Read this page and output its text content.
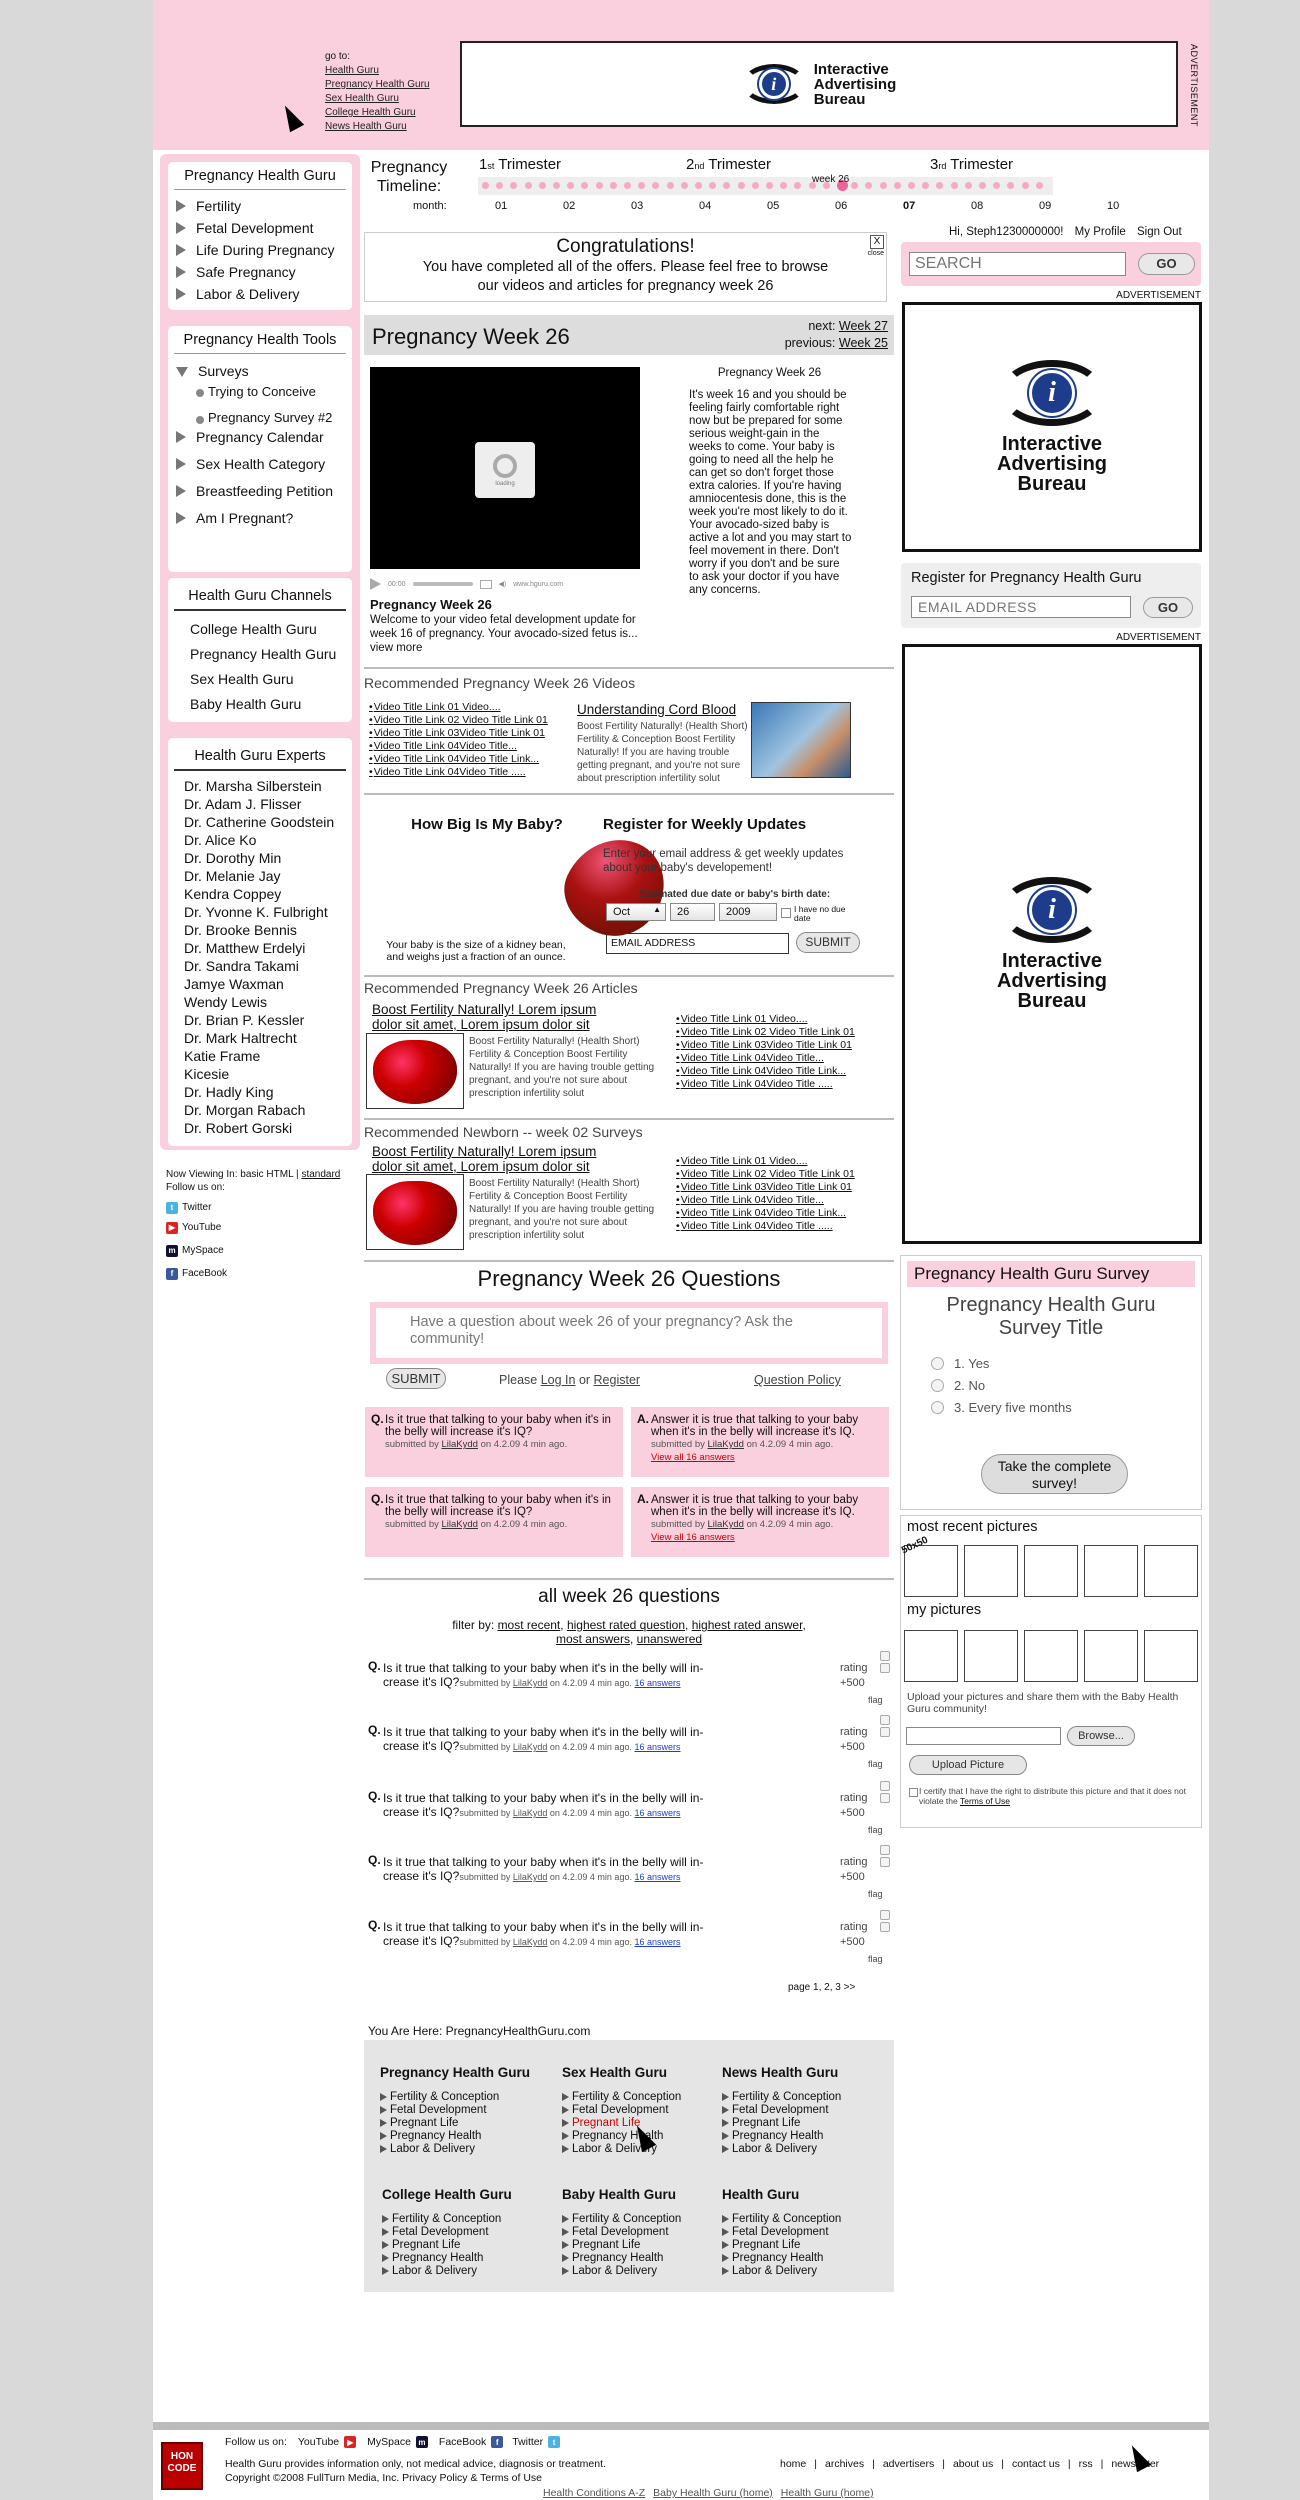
go to:
Health Guru
Pregnancy Health Guru
Sex Health Guru
College Health Guru
News Health Guru
i
Interactive
Advertising
Bureau	ADVERTISEMENT
Pregnancy Health Guru
Fertility
Fetal Development
Life During Pregnancy
Safe Pregnancy
Labor & Delivery
Pregnancy Health Tools
Surveys
Trying to Conceive
Pregnancy Survey #2
Pregnancy Calendar
Sex Health Category
Breastfeeding Petition
Am I Pregnant?
Health Guru Channels
College Health Guru
Pregnancy Health Guru
Sex Health Guru
Baby Health Guru
Health Guru Experts
Dr. Marsha Silberstein
Dr. Adam J. Flisser
Dr. Catherine Goodstein
Dr. Alice Ko
Dr. Dorothy Min
Dr. Melanie Jay
Kendra Coppey
Dr. Yvonne K. Fulbright
Dr. Brooke Bennis
Dr. Matthew Erdelyi
Dr. Sandra Takami
Jamye Waxman
Wendy Lewis
Dr. Brian P. Kessler
Dr. Mark Haltrecht
Katie Frame
Kicesie
Dr. Hadly King
Dr. Morgan Rabach
Dr. Robert Gorski
Now Viewing In: basic HTML | standard
Follow us on:
t Twitter
▶ YouTube
m MySpace
f FaceBook
Pregnancy Timeline:
1st Trimester	2nd Trimester	3rd Trimester
week 26
month:	01	02	03	04	05	06	07	08	09	10
Hi, Steph1230000000! My Profile Sign Out
Congratulations!

You have completed all of the offers. Please feel free to browse our videos and articles for pregnancy week 26

X
close
SEARCH
GO
ADVERTISEMENT
i
Interactive
Advertising
Bureau
Register for Pregnancy Health Guru
EMAIL ADDRESS
GO
ADVERTISEMENT
i
Interactive
Advertising
Bureau
Pregnancy Health Guru Survey
Pregnancy Health Guru Survey Title
1. Yes
2. No
3. Every five months
Take the complete survey!
most recent pictures
50x50
my pictures
Upload your pictures and share them with the Baby Health Guru community!
Browse...
Upload Picture
I certify that I have the right to distribute this picture and that it does not violate the Terms of Use
Pregnancy Week 26	next: Week 27
previous: Week 25
loading
00:00	◀) www.hguru.com
Pregnancy Week 26
Welcome to your video fetal development update for week 16 of pregnancy. Your avocado-sized fetus is... view more
Pregnancy Week 26
It's week 16 and you should be feeling fairly comfortable right now but be prepared for some serious weight-gain in the weeks to come. Your baby is going to need all the help he can get so don't forget those extra calories. If you're having amniocentesis done, this is the week you're most likely to do it. Your avocado-sized baby is active a lot and you may start to feel movement in there. Don't worry if you don't and be sure to ask your doctor if you have any concerns.
Recommended Pregnancy Week 26 Videos
• Video Title Link 01 Video....
• Video Title Link 02 Video Title Link 01
• Video Title Link 03Video Title Link 01
• Video Title Link 04Video Title...
• Video Title Link 04Video Title Link...
• Video Title Link 04Video Title .....
Understanding Cord Blood
Boost Fertility Naturally! (Health Short) Fertility & Conception Boost Fertility Naturally! If you are having trouble getting pregnant, and you're not sure about prescription infertility solut
How Big Is My Baby?
Your baby is the size of a kidney bean, and weighs just a fraction of an ounce.
Register for Weekly Updates
Enter your email address & get weekly updates about your baby's developement!
Estimated due date or baby's birth date:
Oct	▲	26	2009	I have no due date
EMAIL ADDRESS	SUBMIT
Recommended Pregnancy Week 26 Articles
Boost Fertility Naturally! Lorem ipsum dolor sit amet, Lorem ipsum dolor sit
Boost Fertility Naturally! (Health Short) Fertility & Conception Boost Fertility Naturally! If you are having trouble getting pregnant, and you're not sure about prescription infertility solut
• Video Title Link 01 Video....
• Video Title Link 02 Video Title Link 01
• Video Title Link 03Video Title Link 01
• Video Title Link 04Video Title...
• Video Title Link 04Video Title Link...
• Video Title Link 04Video Title .....
Recommended Newborn -- week 02 Surveys
Boost Fertility Naturally! Lorem ipsum dolor sit amet, Lorem ipsum dolor sit
Boost Fertility Naturally! (Health Short) Fertility & Conception Boost Fertility Naturally! If you are having trouble getting pregnant, and you're not sure about prescription infertility solut
• Video Title Link 01 Video....
• Video Title Link 02 Video Title Link 01
• Video Title Link 03Video Title Link 01
• Video Title Link 04Video Title...
• Video Title Link 04Video Title Link...
• Video Title Link 04Video Title .....
Pregnancy Week 26 Questions
Have a question about week 26 of your pregnancy? Ask the community!
SUBMIT	Please Log In or Register	Question Policy
Q. Is it true that talking to your baby when it's in the belly will increase it's IQ?
submitted by LilaKydd on 4.2.09 4 min ago.
A. Answer it is true that talking to your baby when it's in the belly will increase it's IQ.
submitted by LilaKydd on 4.2.09 4 min ago.
View all 16 answers
Q. Is it true that talking to your baby when it's in the belly will increase it's IQ?
submitted by LilaKydd on 4.2.09 4 min ago.
A. Answer it is true that talking to your baby when it's in the belly will increase it's IQ.
submitted by LilaKydd on 4.2.09 4 min ago.
View all 16 answers
all week 26 questions
filter by: most recent, highest rated question, highest rated answer,
most answers, unanswered
Q. Is it true that talking to your baby when it's in the belly will in-crease it's IQ?submitted by LilaKydd on 4.2.09 4 min ago. 16 answers
rating
+500
flag
Q. Is it true that talking to your baby when it's in the belly will in-crease it's IQ?submitted by LilaKydd on 4.2.09 4 min ago. 16 answers
rating
+500
flag
Q. Is it true that talking to your baby when it's in the belly will in-crease it's IQ?submitted by LilaKydd on 4.2.09 4 min ago. 16 answers
rating
+500
flag
Q. Is it true that talking to your baby when it's in the belly will in-crease it's IQ?submitted by LilaKydd on 4.2.09 4 min ago. 16 answers
rating
+500
flag
Q. Is it true that talking to your baby when it's in the belly will in-crease it's IQ?submitted by LilaKydd on 4.2.09 4 min ago. 16 answers
rating
+500
flag
page 1, 2, 3 >>
You Are Here: PregnancyHealthGuru.com
Pregnancy Health Guru
Fertility & Conception
Fetal Development
Pregnant Life
Pregnancy Health
Labor & Delivery
Sex Health Guru
Fertility & Conception
Fetal Development
Pregnant Life
Pregnancy Health
Labor & Delivery
News Health Guru
Fertility & Conception
Fetal Development
Pregnant Life
Pregnancy Health
Labor & Delivery
College Health Guru
Fertility & Conception
Fetal Development
Pregnant Life
Pregnancy Health
Labor & Delivery
Baby Health Guru
Fertility & Conception
Fetal Development
Pregnant Life
Pregnancy Health
Labor & Delivery
Health Guru
Fertility & Conception
Fetal Development
Pregnant Life
Pregnancy Health
Labor & Delivery
HON CODE
Follow us on: YouTube ▶ MySpace m FaceBook	f	Twitter	t
Health Guru provides information only, not medical advice, diagnosis or treatment.
Copyright ©2008 FullTurn Media, Inc. Privacy Policy & Terms of Use
home | archives | advertisers | about us | contact us | rss | newsletter
Health Conditions A-Z Baby Health Guru (home) Health Guru (home)
